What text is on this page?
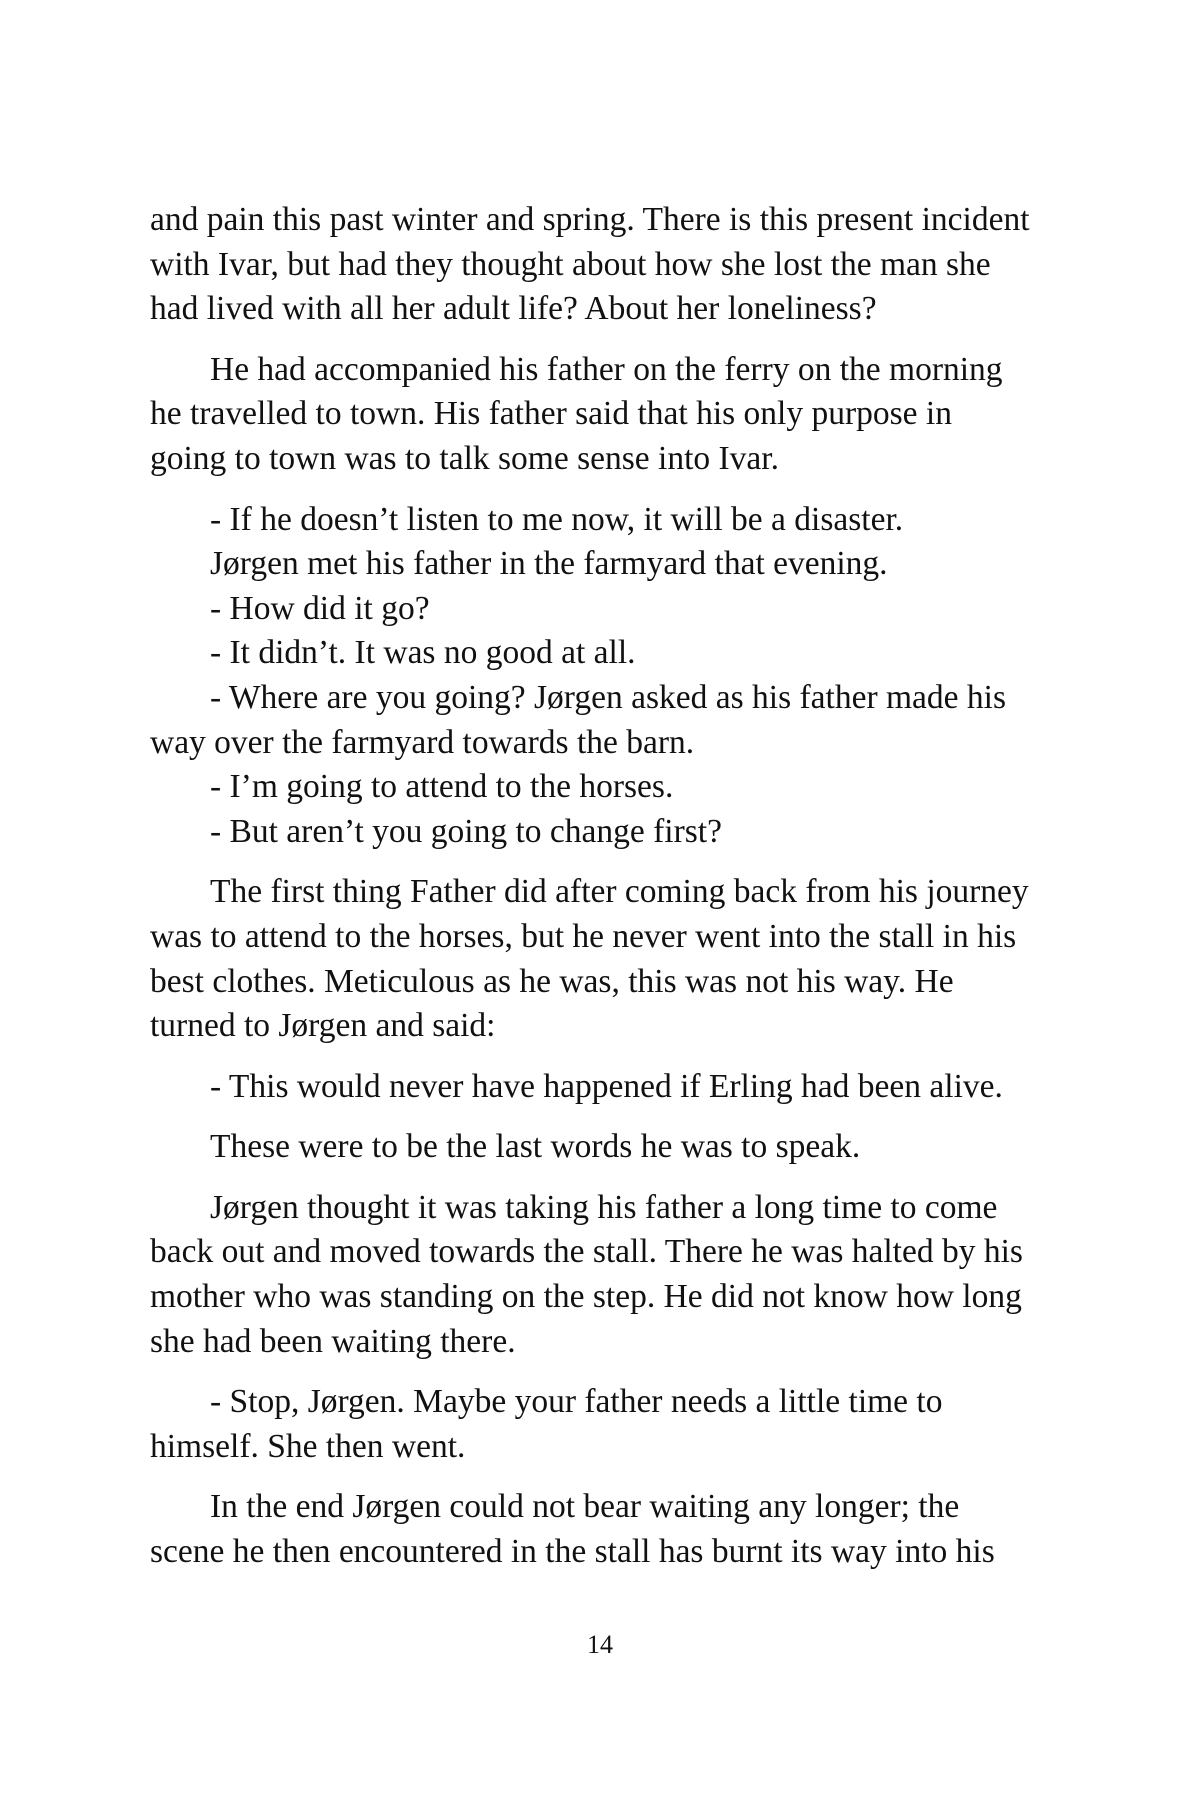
and pain this past winter and spring. There is this present incident with Ivar, but had they thought about how she lost the man she had lived with all her adult life? About her loneliness?

He had accompanied his father on the ferry on the morning he travelled to town. His father said that his only purpose in going to town was to talk some sense into Ivar.

- If he doesn’t listen to me now, it will be a disaster.

Jørgen met his father in the farmyard that evening.

- How did it go?

- It didn’t. It was no good at all.

- Where are you going? Jørgen asked as his father made his way over the farmyard towards the barn.

- I’m going to attend to the horses.

- But aren’t you going to change first?

The first thing Father did after coming back from his journey was to attend to the horses, but he never went into the stall in his best clothes. Meticulous as he was, this was not his way. He turned to Jørgen and said:

- This would never have happened if Erling had been alive.

These were to be the last words he was to speak.

Jørgen thought it was taking his father a long time to come back out and moved towards the stall. There he was halted by his mother who was standing on the step. He did not know how long she had been waiting there.

- Stop, Jørgen. Maybe your father needs a little time to himself. She then went.

In the end Jørgen could not bear waiting any longer; the scene he then encountered in the stall has burnt its way into his

14
